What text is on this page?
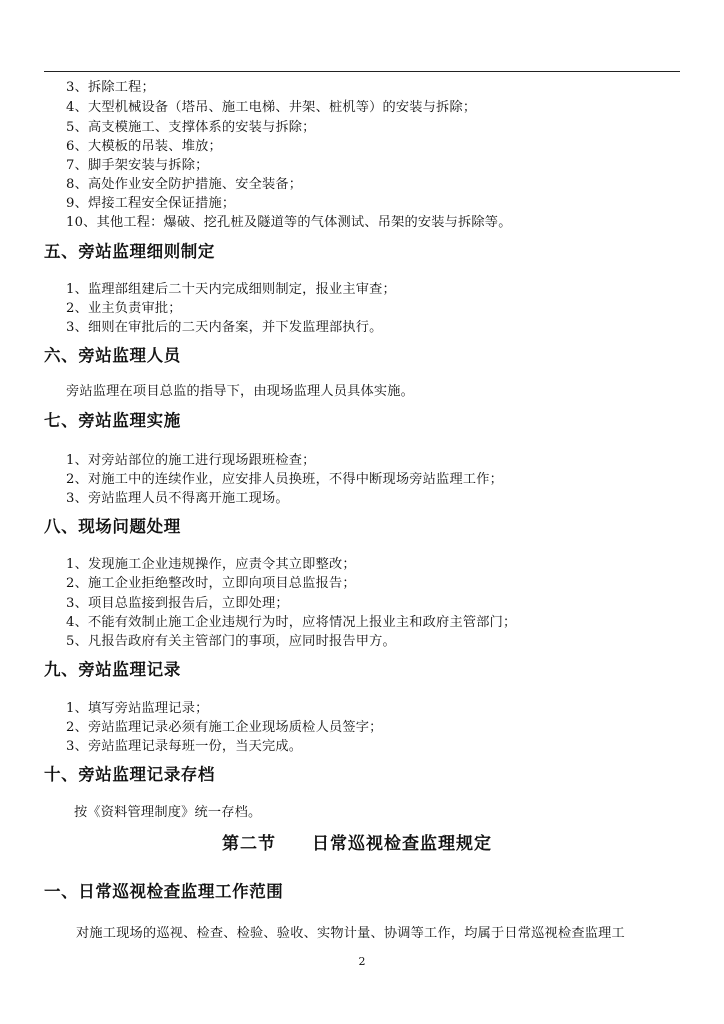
3、拆除工程；
4、大型机械设备（塔吊、施工电梯、井架、桩机等）的安装与拆除；
5、高支模施工、支撑体系的安装与拆除；
6、大模板的吊装、堆放；
7、脚手架安装与拆除；
8、高处作业安全防护措施、安全装备；
9、焊接工程安全保证措施；
10、其他工程：爆破、挖孔桩及隧道等的气体测试、吊架的安装与拆除等。
五、旁站监理细则制定
1、监理部组建后二十天内完成细则制定，报业主审查；
2、业主负责审批；
3、细则在审批后的二天内备案，并下发监理部执行。
六、旁站监理人员
旁站监理在项目总监的指导下，由现场监理人员具体实施。
七、旁站监理实施
1、对旁站部位的施工进行现场跟班检查；
2、对施工中的连续作业，应安排人员换班，不得中断现场旁站监理工作；
3、旁站监理人员不得离开施工现场。
八、现场问题处理
1、发现施工企业违规操作，应责令其立即整改；
2、施工企业拒绝整改时，立即向项目总监报告；
3、项目总监接到报告后，立即处理；
4、不能有效制止施工企业违规行为时，应将情况上报业主和政府主管部门；
5、凡报告政府有关主管部门的事项，应同时报告甲方。
九、旁站监理记录
1、填写旁站监理记录；
2、旁站监理记录必须有施工企业现场质检人员签字；
3、旁站监理记录每班一份，当天完成。
十、旁站监理记录存档
按《资料管理制度》统一存档。
第二节　　日常巡视检查监理规定
一、日常巡视检查监理工作范围
对施工现场的巡视、检查、检验、验收、实物计量、协调等工作，均属于日常巡视检查监理工
2
